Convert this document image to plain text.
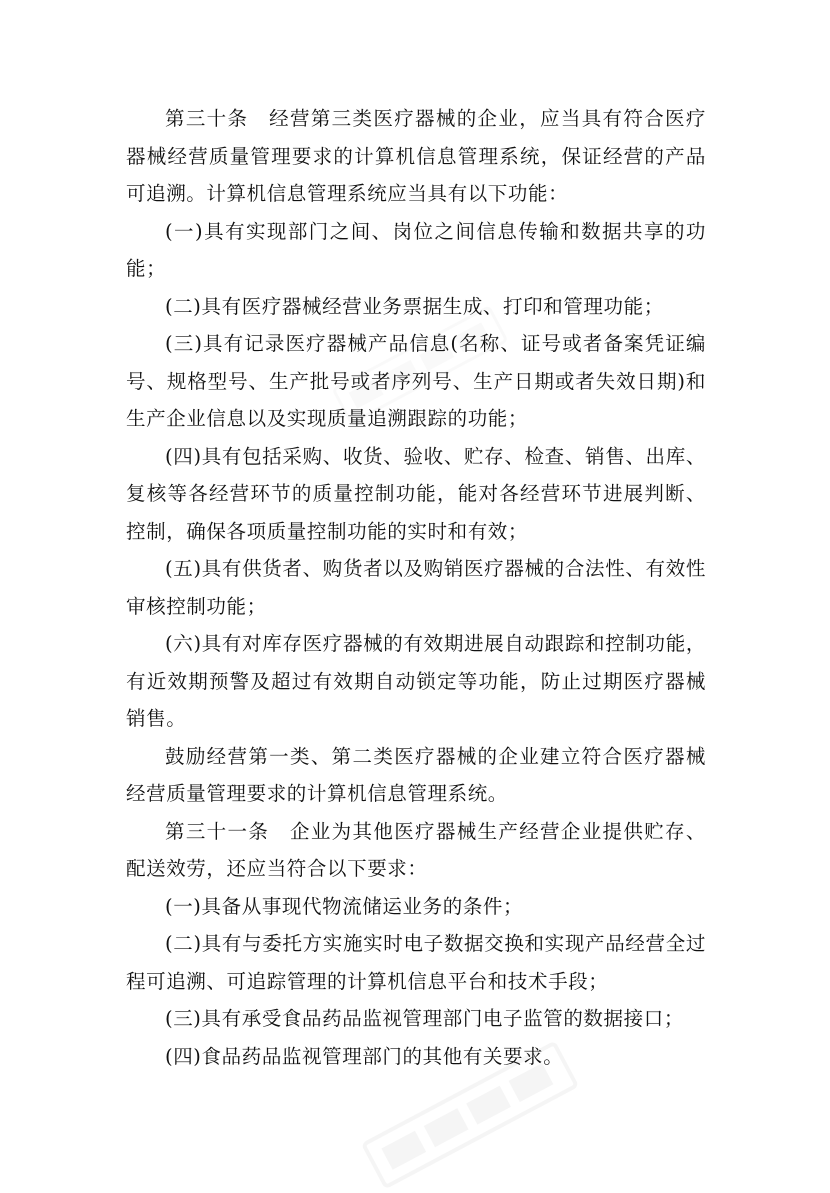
第三十条　经营第三类医疗器械的企业，应当具有符合医疗器械经营质量管理要求的计算机信息管理系统，保证经营的产品可追溯。计算机信息管理系统应当具有以下功能：

(一)具有实现部门之间、岗位之间信息传输和数据共享的功能；

(二)具有医疗器械经营业务票据生成、打印和管理功能；

(三)具有记录医疗器械产品信息(名称、证号或者备案凭证编号、规格型号、生产批号或者序列号、生产日期或者失效日期)和生产企业信息以及实现质量追溯跟踪的功能；

(四)具有包括采购、收货、验收、贮存、检查、销售、出库、复核等各经营环节的质量控制功能，能对各经营环节进展判断、控制，确保各项质量控制功能的实时和有效；

(五)具有供货者、购货者以及购销医疗器械的合法性、有效性审核控制功能；

(六)具有对库存医疗器械的有效期进展自动跟踪和控制功能，有近效期预警及超过有效期自动锁定等功能，防止过期医疗器械销售。

鼓励经营第一类、第二类医疗器械的企业建立符合医疗器械经营质量管理要求的计算机信息管理系统。

第三十一条　企业为其他医疗器械生产经营企业提供贮存、配送效劳，还应当符合以下要求：

(一)具备从事现代物流储运业务的条件；

(二)具有与委托方实施实时电子数据交换和实现产品经营全过程可追溯、可追踪管理的计算机信息平台和技术手段；

(三)具有承受食品药品监视管理部门电子监管的数据接口；

(四)食品药品监视管理部门的其他有关要求。
